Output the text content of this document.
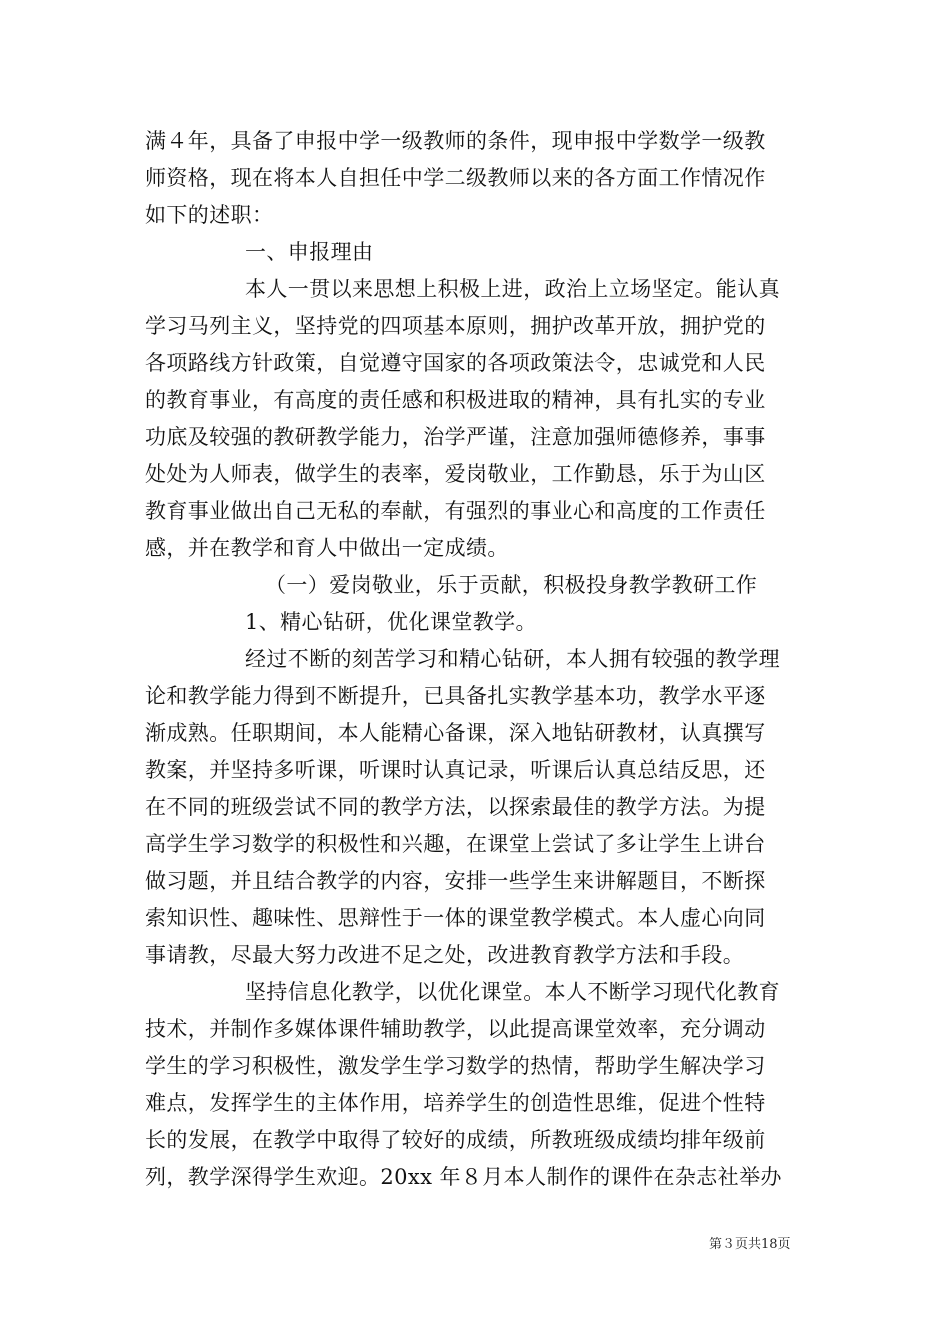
满４年，具备了申报中学一级教师的条件，现申报中学数学一级教
师资格，现在将本人自担任中学二级教师以来的各方面工作情况作
如下的述职：
一、申报理由
本人一贯以来思想上积极上进，政治上立场坚定。能认真
学习马列主义，坚持党的四项基本原则，拥护改革开放，拥护党的
各项路线方针政策，自觉遵守国家的各项政策法令，忠诚党和人民
的教育事业，有高度的责任感和积极进取的精神，具有扎实的专业
功底及较强的教研教学能力，治学严谨，注意加强师德修养，事事
处处为人师表，做学生的表率，爱岗敬业，工作勤恳，乐于为山区
教育事业做出自己无私的奉献，有强烈的事业心和高度的工作责任
感，并在教学和育人中做出一定成绩。
（一）爱岗敬业，乐于贡献，积极投身教学教研工作
1、精心钻研，优化课堂教学。
经过不断的刻苦学习和精心钻研，本人拥有较强的教学理
论和教学能力得到不断提升，已具备扎实教学基本功，教学水平逐
渐成熟。任职期间，本人能精心备课，深入地钻研教材，认真撰写
教案，并坚持多听课，听课时认真记录，听课后认真总结反思，还
在不同的班级尝试不同的教学方法，以探索最佳的教学方法。为提
高学生学习数学的积极性和兴趣，在课堂上尝试了多让学生上讲台
做习题，并且结合教学的内容，安排一些学生来讲解题目，不断探
索知识性、趣味性、思辩性于一体的课堂教学模式。本人虚心向同
事请教，尽最大努力改进不足之处，改进教育教学方法和手段。
坚持信息化教学，以优化课堂。本人不断学习现代化教育
技术，并制作多媒体课件辅助教学，以此提高课堂效率，充分调动
学生的学习积极性，激发学生学习数学的热情，帮助学生解决学习
难点，发挥学生的主体作用，培养学生的创造性思维，促进个性特
长的发展，在教学中取得了较好的成绩，所教班级成绩均排年级前
列，教学深得学生欢迎。20xx 年８月本人制作的课件在杂志社举办
第３页共18页
